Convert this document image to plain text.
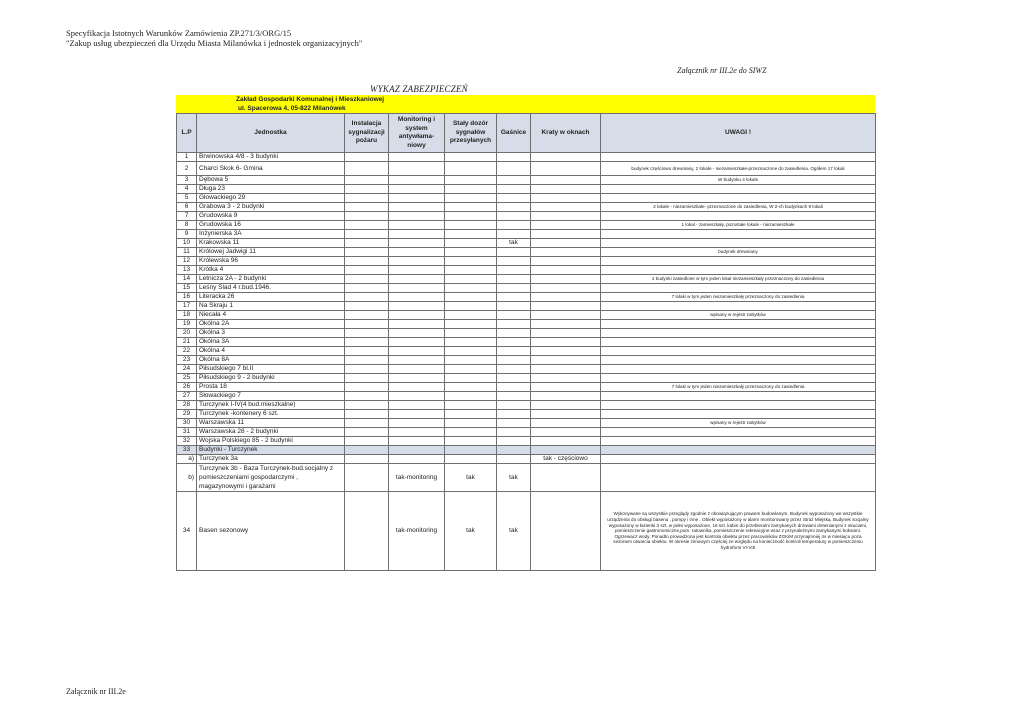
Specyfikacja Istotnych Warunków Zamówienia ZP.271/3/ORG/15
"Zakup usług ubezpieczeń dla Urzędu Miasta Milanówka i jednostek organizacyjnych"
Załącznik nr III.2e do SIWZ
WYKAZ ZABEZPIECZEŃ
Zakład Gospodarki Komunalnej i Mieszkaniowej
ul. Spacerowa 4, 05-822 Milanówek
L.P	Jednostka	Instalacja sygnalizacji pożaru	Monitoring i system antywłama-niowy	Stały dozór sygnałów przesyłanych	Gaśnice	Kraty w oknach	UWAGI !
1	Brwinowska 4/8 - 3 budynki						
2	Charci Skok 6- Gmina						budynek częściowo drewniany, 2 lokale - niezamieszkałe-przeznaczone do zasiedlenia. Ogółem 17 lokali
3	Dębowa 5						W budynku 4 lokale
4	Długa 23						
5	Głowackiego 29						
6	Grabowa 3 - 2 budynki						2 lokale - niezamieszkałe- przeznaczone do zasiedlenia, W 2-ch budynkach 9 lokali
7	Grudowska 9						
8	Grudowska 16						1 lokal - zamieszkały, pozostałe lokale - niezamieszkałe
9	Inżynierska 3A						
10	Krakowska 11				tak		
11	Królowej Jadwigi 11						budynek drewniany
12	Królewska 96						
13	Krótka 4						
14	Letnicza 2A - 2 budynki						2 budynki zasiedlone w tym jeden lokal niezamieszkały przeznaczony do zasiedlenia
15	Leśny Ślad 4 r.bud.1946.						
16	Literacka 26						7 lolaki w tym jeden niezamieszkały przeznaczony do zasiedlenia
17	Na Skraju 1						
18	Niecała 4						wpisany w rejestr zabytków
19	Okólna 2A						
20	Okólna 3						
21	Okólna 3A						
22	Okólna 4						
23	Okólna 8A						
24	Piłsudskiego 7 bl.II						
25	Piłsudskiego 9 - 2 budynki						
26	Prosta 18						7 lolaki w tym jeden niezamieszkały przeznaczony do zasiedlenia
27	Słowackiego 7						
28	Turczynek I-IV(4 bud.mieszkalne)						
29	Turczynek -kontenery 6 szt.						
30	Warszawska 11						wpisany w rejestr zabytków
31	Warszawska 28 - 2 budynki						
32	Wojska Polskiego 85 - 2 budynki						
33	Budynki - Turczynek						
a)	Turczynek 3a					tak - częściowo	
b)	Turczynek 3b - Baza Turczynek-bud.socjalny z pomieszczeniami gospodarczymi , magazynowymi i garażami		tak-monitoring	tak	tak		
34	Basen sezonowy		tak-monitoring	tak	tak		Wykonywane są wszystkie przeglądy zgodnie z obowiązującym prawem budowlanym. Budynek wyposażony we wszystkie urządzenia do obsługi basenu , pompy i inne . Obiekt wyposażony w alarm monitorowany przez Straż Miejską. Budynek socjalny wyposażony w łazienki 3 szt. w pełni wyposażone, 16 szt. kabin do przebieralni zamykanych drzwiami drewnianymi z okuciami, pomieszczenie gastronomiczne,pom. ratownika, pomieszczenie rekreacyjne wraz z przynależnymi zamykanymi boksami. Ogrzewacz wody. Ponadto prowadzona jest kontrola obiektu przez pracowników ZGKiM przynajmniej 4x w miesiącu poza sezonem otwarcia obiektu. W okresie zimowym częściej ze względu na konieczność kontroli temperatury w pomieszczeniu hydroforni VI-VIII
Załącznik nr III.2e
